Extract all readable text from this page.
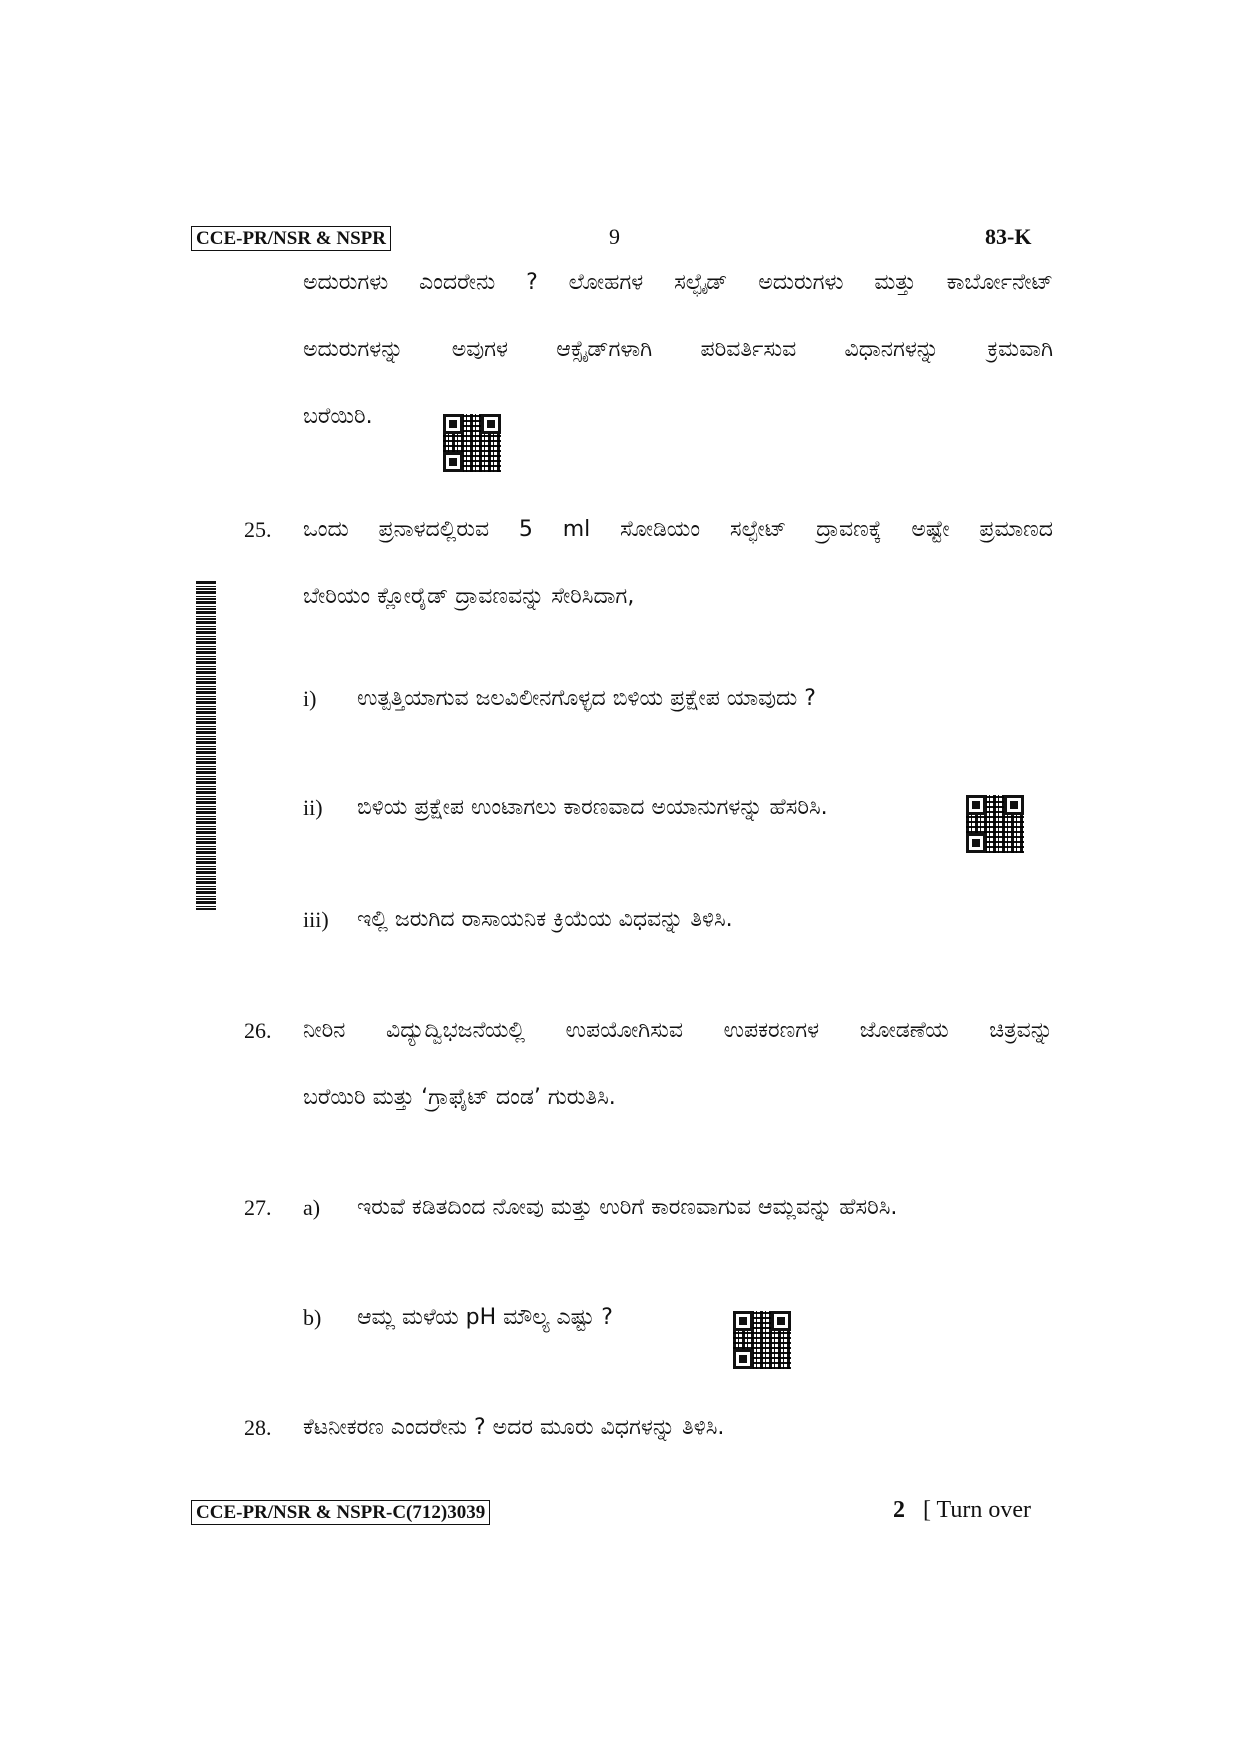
CCE-PR/NSR & NSPR	9	83-K
ಅದುರುಗಳು ಎಂದರೇನು ? ಲೋಹಗಳ ಸಲ್ಫೈಡ್ ಅದುರುಗಳು ಮತ್ತು ಕಾರ್ಬೋನೇಟ್
ಅದುರುಗಳನ್ನು ಅವುಗಳ ಆಕ್ಸೈಡ್‌ಗಳಾಗಿ ಪರಿವರ್ತಿಸುವ ವಿಧಾನಗಳನ್ನು ಕ್ರಮವಾಗಿ
ಬರೆಯಿರಿ.
25. ಒಂದು ಪ್ರನಾಳದಲ್ಲಿರುವ 5 ml ಸೋಡಿಯಂ ಸಲ್ಫೇಟ್ ದ್ರಾವಣಕ್ಕೆ ಅಷ್ಟೇ ಪ್ರಮಾಣದ
ಬೇರಿಯಂ ಕ್ಲೋರೈಡ್ ದ್ರಾವಣವನ್ನು ಸೇರಿಸಿದಾಗ,
i) ಉತ್ಪತ್ತಿಯಾಗುವ ಜಲವಿಲೀನಗೊಳ್ಳದ ಬಿಳಿಯ ಪ್ರಕ್ಷೇಪ ಯಾವುದು ?
ii) ಬಿಳಿಯ ಪ್ರಕ್ಷೇಪ ಉಂಟಾಗಲು ಕಾರಣವಾದ ಅಯಾನುಗಳನ್ನು ಹೆಸರಿಸಿ.
iii) ಇಲ್ಲಿ ಜರುಗಿದ ರಾಸಾಯನಿಕ ಕ್ರಿಯೆಯ ವಿಧವನ್ನು ತಿಳಿಸಿ.
26. ನೀರಿನ ವಿದ್ಯುದ್ವಿಭಜನೆಯಲ್ಲಿ ಉಪಯೋಗಿಸುವ ಉಪಕರಣಗಳ ಜೋಡಣೆಯ ಚಿತ್ರವನ್ನು
ಬರೆಯಿರಿ ಮತ್ತು ‘ಗ್ರಾಫೈಟ್ ದಂಡ’ ಗುರುತಿಸಿ.
27. a) ಇರುವೆ ಕಡಿತದಿಂದ ನೋವು ಮತ್ತು ಉರಿಗೆ ಕಾರಣವಾಗುವ ಆಮ್ಲವನ್ನು ಹೆಸರಿಸಿ.
b) ಆಮ್ಲ ಮಳೆಯ pH ಮೌಲ್ಯ ಎಷ್ಟು ?
28. ಕೆಟನೀಕರಣ ಎಂದರೇನು ? ಅದರ ಮೂರು ವಿಧಗಳನ್ನು ತಿಳಿಸಿ.
CCE-PR/NSR & NSPR-C(712)3039	2 [ Turn over
